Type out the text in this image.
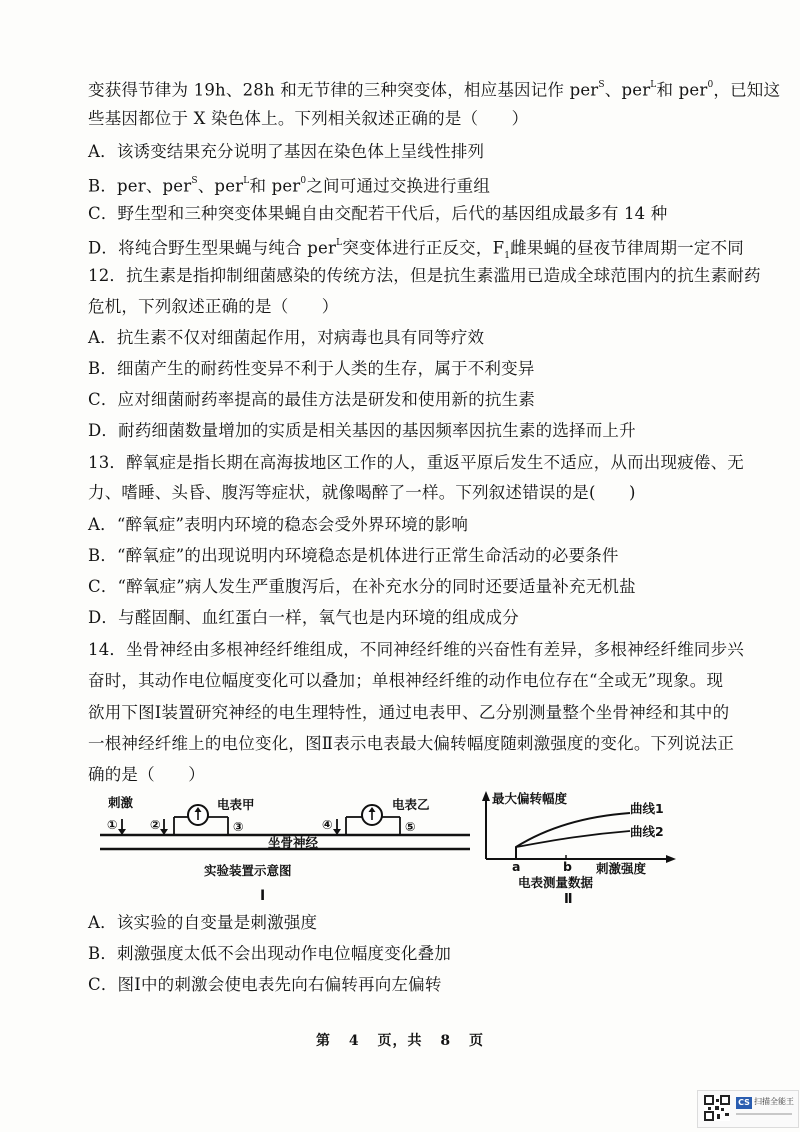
变获得节律为 19h、28h 和无节律的三种突变体，相应基因记作 per$^S$、per$^L$和 per$^0$，已知这
些基因都位于 X 染色体上。下列相关叙述正确的是（　　）
A．该诱变结果充分说明了基因在染色体上呈线性排列
B．per、per$^S$、per$^L$和 per$^0$之间可通过交换进行重组
C．野生型和三种突变体果蝇自由交配若干代后，后代的基因组成最多有 14 种
D．将纯合野生型果蝇与纯合 per$^L$突变体进行正反交，$F_1$雌果蝇的昼夜节律周期一定不同
12．抗生素是指抑制细菌感染的传统方法，但是抗生素滥用已造成全球范围内的抗生素耐药
危机，下列叙述正确的是（　　）
A．抗生素不仅对细菌起作用，对病毒也具有同等疗效
B．细菌产生的耐药性变异不利于人类的生存，属于不利变异
C．应对细菌耐药率提高的最佳方法是研发和使用新的抗生素
D．耐药细菌数量增加的实质是相关基因的基因频率因抗生素的选择而上升
13．醉氧症是指长期在高海拔地区工作的人，重返平原后发生不适应，从而出现疲倦、无
力、嗜睡、头昏、腹泻等症状，就像喝醉了一样。下列叙述错误的是(　　)
A．“醉氧症”表明内环境的稳态会受外界环境的影响
B．“醉氧症”的出现说明内环境稳态是机体进行正常生命活动的必要条件
C．“醉氧症”病人发生严重腹泻后，在补充水分的同时还要适量补充无机盐
D．与醛固酮、血红蛋白一样，氧气也是内环境的组成成分
14．坐骨神经由多根神经纤维组成，不同神经纤维的兴奋性有差异，多根神经纤维同步兴
奋时，其动作电位幅度变化可以叠加；单根神经纤维的动作电位存在“全或无”现象。现
欲用下图Ⅰ装置研究神经的电生理特性，通过电表甲、乙分别测量整个坐骨神经和其中的
一根神经纤维上的电位变化，图Ⅱ表示电表最大偏转幅度随刺激强度的变化。下列说法正
确的是（　　）
刺激
①	②
电表甲
③	④
电表乙
⑤
坐骨神经
实验装置示意图
Ⅰ
最大偏转幅度
曲线1
曲线2
a	b 刺激强度
电表测量数据
Ⅱ
A．该实验的自变量是刺激强度
B．刺激强度太低不会出现动作电位幅度变化叠加
C．图Ⅰ中的刺激会使电表先向右偏转再向左偏转
第 4 页，共 8 页
CS 扫描全能王
